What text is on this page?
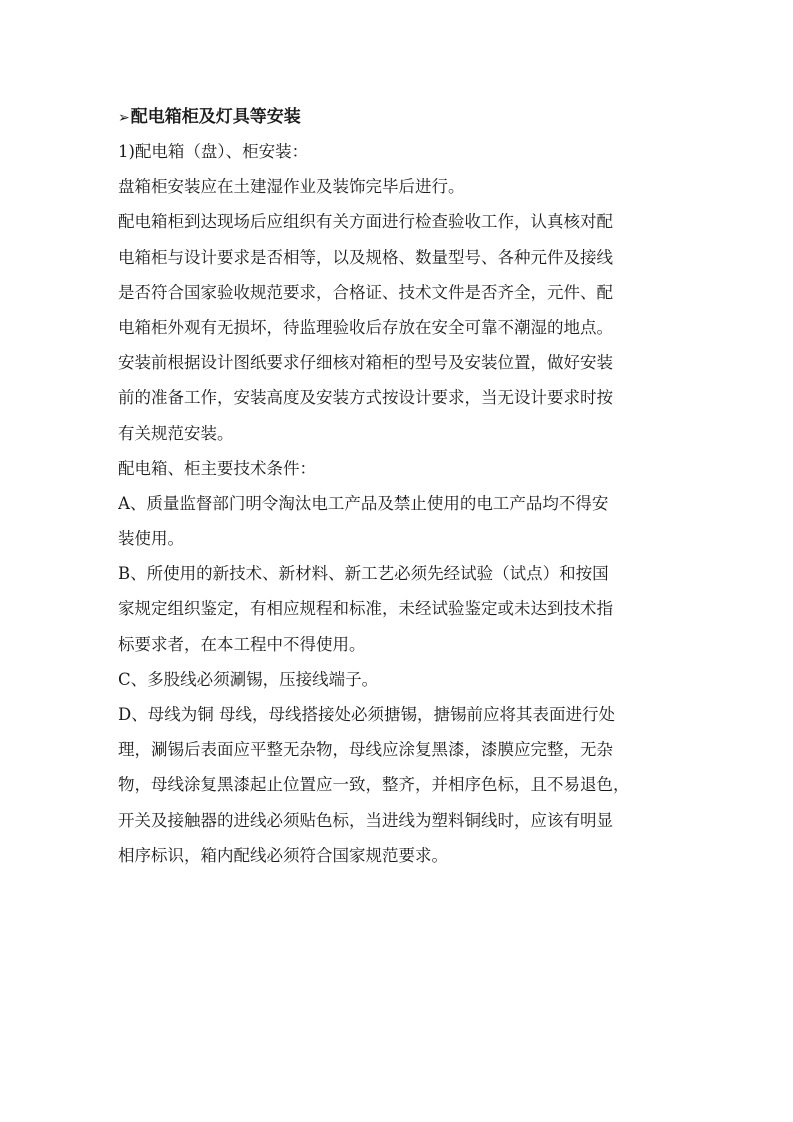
➢配电箱柜及灯具等安装
1)配电箱（盘）、柜安装：
盘箱柜安装应在土建湿作业及装饰完毕后进行。
配电箱柜到达现场后应组织有关方面进行检查验收工作，认真核对配
电箱柜与设计要求是否相等，以及规格、数量型号、各种元件及接线
是否符合国家验收规范要求，合格证、技术文件是否齐全，元件、配
电箱柜外观有无损坏，待监理验收后存放在安全可靠不潮湿的地点。
安装前根据设计图纸要求仔细核对箱柜的型号及安装位置，做好安装
前的准备工作，安装高度及安装方式按设计要求，当无设计要求时按
有关规范安装。
配电箱、柜主要技术条件：
A、质量监督部门明令淘汰电工产品及禁止使用的电工产品均不得安
装使用。
B、所使用的新技术、新材料、新工艺必须先经试验（试点）和按国
家规定组织鉴定，有相应规程和标准，未经试验鉴定或未达到技术指
标要求者，在本工程中不得使用。
C、多股线必须涮锡，压接线端子。
D、母线为铜 母线，母线搭接处必须搪锡，搪锡前应将其表面进行处
理，涮锡后表面应平整无杂物，母线应涂复黑漆，漆膜应完整，无杂
物，母线涂复黑漆起止位置应一致，整齐，并相序色标，且不易退色，
开关及接触器的进线必须贴色标，当进线为塑料铜线时，应该有明显
相序标识，箱内配线必须符合国家规范要求。
